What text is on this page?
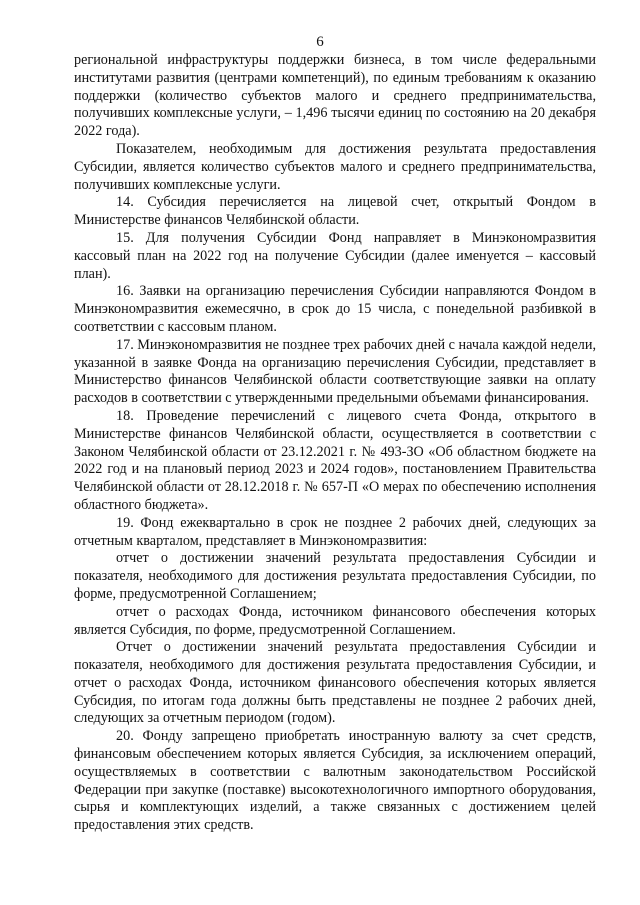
6

региональной инфраструктуры поддержки бизнеса, в том числе федеральными институтами развития (центрами компетенций), по единым требованиям к оказанию поддержки (количество субъектов малого и среднего предпринимательства, получивших комплексные услуги, – 1,496 тысячи единиц по состоянию на 20 декабря 2022 года).

Показателем, необходимым для достижения результата предоставления Субсидии, является количество субъектов малого и среднего предпринимательства, получивших комплексные услуги.

14. Субсидия перечисляется на лицевой счет, открытый Фондом в Министерстве финансов Челябинской области.

15. Для получения Субсидии Фонд направляет в Минэкономразвития кассовый план на 2022 год на получение Субсидии (далее именуется – кассовый план).

16. Заявки на организацию перечисления Субсидии направляются Фондом в Минэкономразвития ежемесячно, в срок до 15 числа, с понедельной разбивкой в соответствии с кассовым планом.

17. Минэкономразвития не позднее трех рабочих дней с начала каждой недели, указанной в заявке Фонда на организацию перечисления Субсидии, представляет в Министерство финансов Челябинской области соответствующие заявки на оплату расходов в соответствии с утвержденными предельными объемами финансирования.

18. Проведение перечислений с лицевого счета Фонда, открытого в Министерстве финансов Челябинской области, осуществляется в соответствии с Законом Челябинской области от 23.12.2021 г. № 493-ЗО «Об областном бюджете на 2022 год и на плановый период 2023 и 2024 годов», постановлением Правительства Челябинской области от 28.12.2018 г. № 657-П «О мерах по обеспечению исполнения областного бюджета».

19. Фонд ежеквартально в срок не позднее 2 рабочих дней, следующих за отчетным кварталом, представляет в Минэкономразвития:

отчет о достижении значений результата предоставления Субсидии и показателя, необходимого для достижения результата предоставления Субсидии, по форме, предусмотренной Соглашением;

отчет о расходах Фонда, источником финансового обеспечения которых является Субсидия, по форме, предусмотренной Соглашением.

Отчет о достижении значений результата предоставления Субсидии и показателя, необходимого для достижения результата предоставления Субсидии, и отчет о расходах Фонда, источником финансового обеспечения которых является Субсидия, по итогам года должны быть представлены не позднее 2 рабочих дней, следующих за отчетным периодом (годом).

20. Фонду запрещено приобретать иностранную валюту за счет средств, финансовым обеспечением которых является Субсидия, за исключением операций, осуществляемых в соответствии с валютным законодательством Российской Федерации при закупке (поставке) высокотехнологичного импортного оборудования, сырья и комплектующих изделий, а также связанных с достижением целей предоставления этих средств.
